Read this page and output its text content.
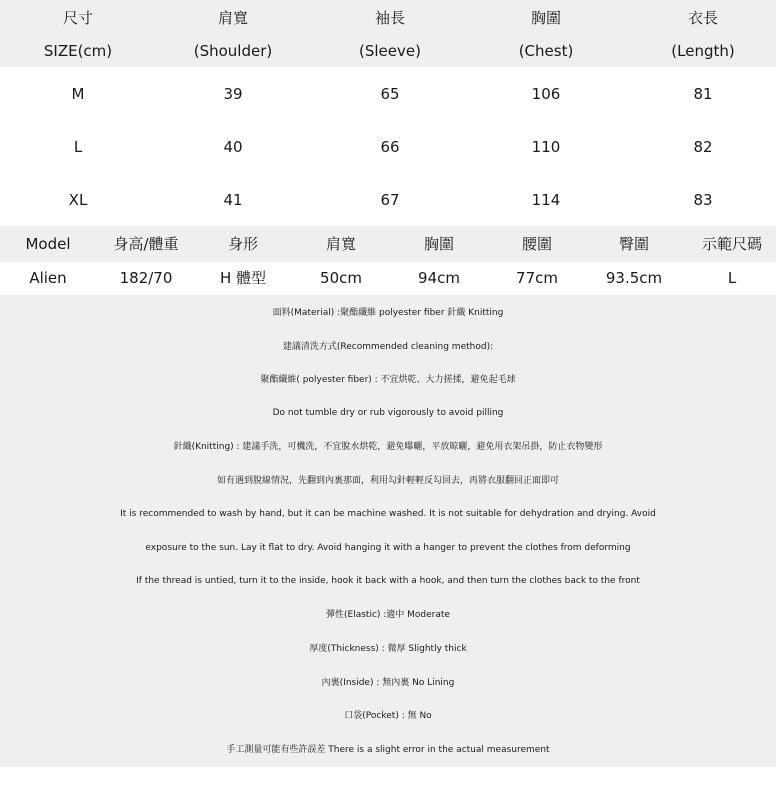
尺寸	肩寬	袖長	胸圍	衣長
SIZE(cm)	(Shoulder)	(Sleeve)	(Chest)	(Length)
M	39	65	106	81
L	40	66	110	82
XL	41	67	114	83
Model	身高/體重	身形	肩寬	胸圍	腰圍	臀圍	示範尺碼
Alien	182/70	H 體型	50cm	94cm	77cm	93.5cm	L
面料(Material) :聚酯纖維 polyester fiber 針織 Knitting
建議清洗方式(Recommended cleaning method):
聚酯纖維( polyester fiber) : 不宜烘乾、大力搓揉，避免起毛球
Do not tumble dry or rub vigorously to avoid pilling
針織(Knitting) : 建議手洗，可機洗，不宜脫水烘乾，避免曝曬，平放晾曬，避免用衣架吊掛，防止衣物變形
如有遇到脫線情況，先翻到內裏那面，利用勾針輕輕反勾回去，再將衣服翻回正面即可
It is recommended to wash by hand, but it can be machine washed. It is not suitable for dehydration and drying. Avoid
exposure to the sun. Lay it flat to dry. Avoid hanging it with a hanger to prevent the clothes from deforming
If the thread is untied, turn it to the inside, hook it back with a hook, and then turn the clothes back to the front
彈性(Elastic) :適中 Moderate
厚度(Thickness) : 微厚 Slightly thick
內裏(Inside) : 無內裏 No Lining
口袋(Pocket) : 無 No
手工測量可能有些許誤差 There is a slight error in the actual measurement
